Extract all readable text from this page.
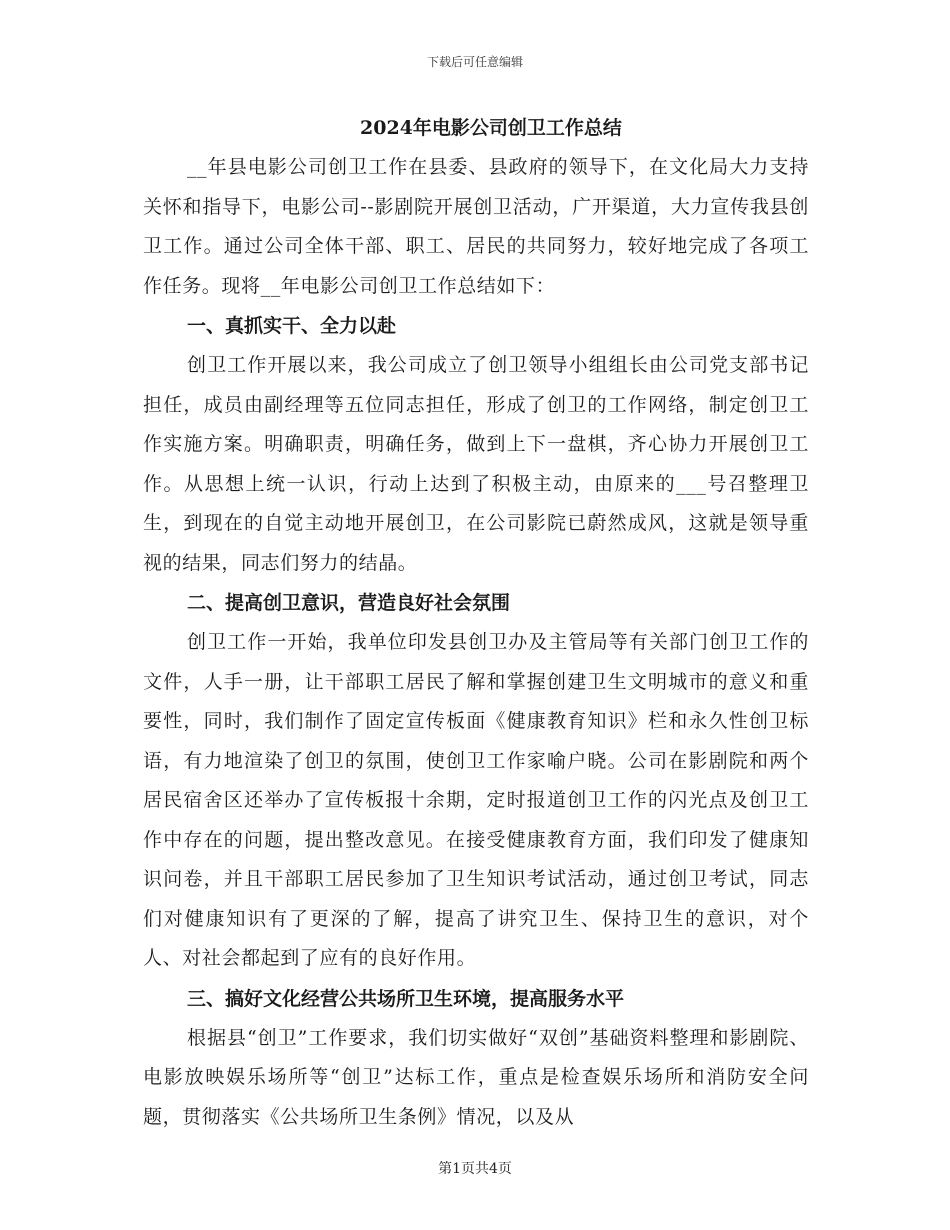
下载后可任意编辑

2024年电影公司创卫工作总结

__年县电影公司创卫工作在县委、县政府的领导下，在文化局大力支持关怀和指导下，电影公司--影剧院开展创卫活动，广开渠道，大力宣传我县创卫工作。通过公司全体干部、职工、居民的共同努力，较好地完成了各项工作任务。现将__年电影公司创卫工作总结如下：

一、真抓实干、全力以赴

创卫工作开展以来，我公司成立了创卫领导小组组长由公司党支部书记担任，成员由副经理等五位同志担任，形成了创卫的工作网络，制定创卫工作实施方案。明确职责，明确任务，做到上下一盘棋，齐心协力开展创卫工作。从思想上统一认识，行动上达到了积极主动，由原来的___号召整理卫生，到现在的自觉主动地开展创卫，在公司影院已蔚然成风，这就是领导重视的结果，同志们努力的结晶。

二、提高创卫意识，营造良好社会氛围

创卫工作一开始，我单位印发县创卫办及主管局等有关部门创卫工作的文件，人手一册，让干部职工居民了解和掌握创建卫生文明城市的意义和重要性，同时，我们制作了固定宣传板面《健康教育知识》栏和永久性创卫标语，有力地渲染了创卫的氛围，使创卫工作家喻户晓。公司在影剧院和两个居民宿舍区还举办了宣传板报十余期，定时报道创卫工作的闪光点及创卫工作中存在的问题，提出整改意见。在接受健康教育方面，我们印发了健康知识问卷，并且干部职工居民参加了卫生知识考试活动，通过创卫考试，同志们对健康知识有了更深的了解，提高了讲究卫生、保持卫生的意识，对个人、对社会都起到了应有的良好作用。

三、搞好文化经营公共场所卫生环境，提高服务水平

根据县“创卫”工作要求，我们切实做好“双创”基础资料整理和影剧院、电影放映娱乐场所等“创卫”达标工作，重点是检查娱乐场所和消防安全问题，贯彻落实《公共场所卫生条例》情况，以及从

第1页共4页
